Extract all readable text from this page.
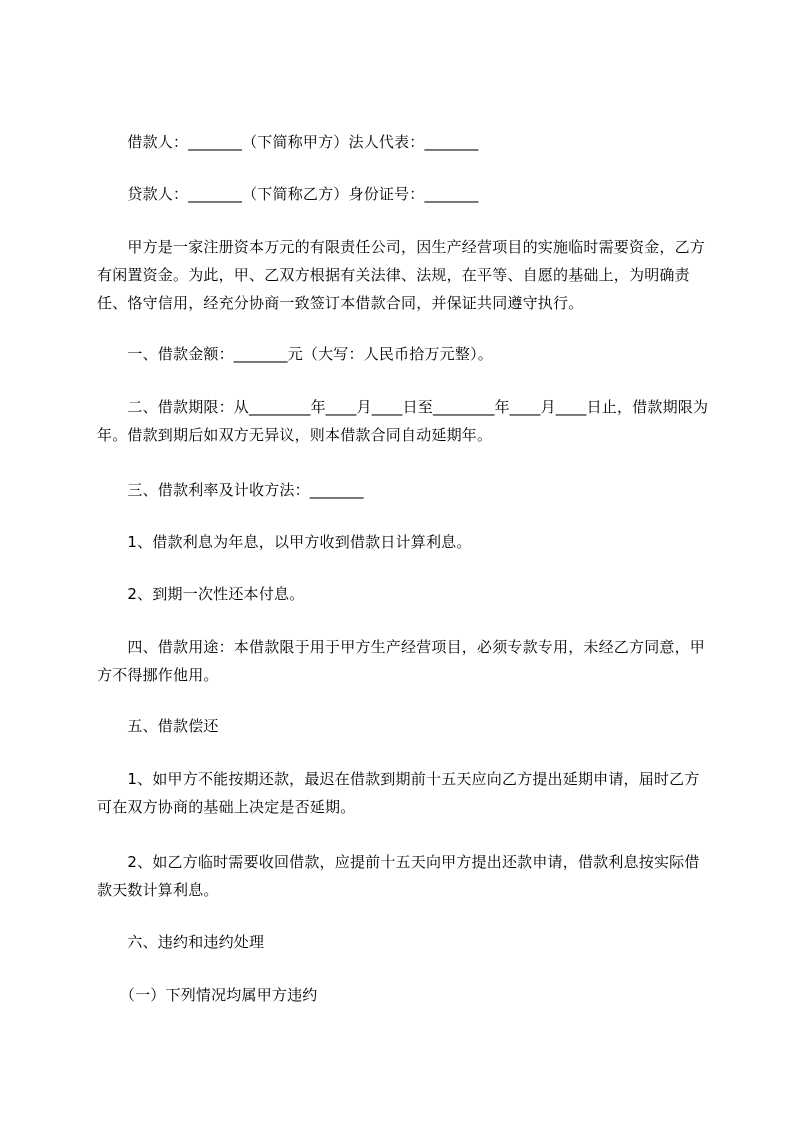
　　借款人：_______（下简称甲方）法人代表：_______

　　贷款人：_______（下简称乙方）身份证号：_______

　　甲方是一家注册资本万元的有限责任公司，因生产经营项目的实施临时需要资金，乙方有闲置资金。为此，甲、乙双方根据有关法律、法规，在平等、自愿的基础上，为明确责任、恪守信用，经充分协商一致签订本借款合同，并保证共同遵守执行。

　　一、借款金额：_______元（大写：人民币拾万元整）。

　　二、借款期限：从________年____月____日至________年____月____日止，借款期限为年。借款到期后如双方无异议，则本借款合同自动延期年。

　　三、借款利率及计收方法：_______

　　1、借款利息为年息，以甲方收到借款日计算利息。

　　2、到期一次性还本付息。

　　四、借款用途：本借款限于用于甲方生产经营项目，必须专款专用，未经乙方同意，甲方不得挪作他用。

　　五、借款偿还

　　1、如甲方不能按期还款，最迟在借款到期前十五天应向乙方提出延期申请，届时乙方可在双方协商的基础上决定是否延期。

　　2、如乙方临时需要收回借款，应提前十五天向甲方提出还款申请，借款利息按实际借款天数计算利息。

　　六、违约和违约处理

　　（一）下列情况均属甲方违约
